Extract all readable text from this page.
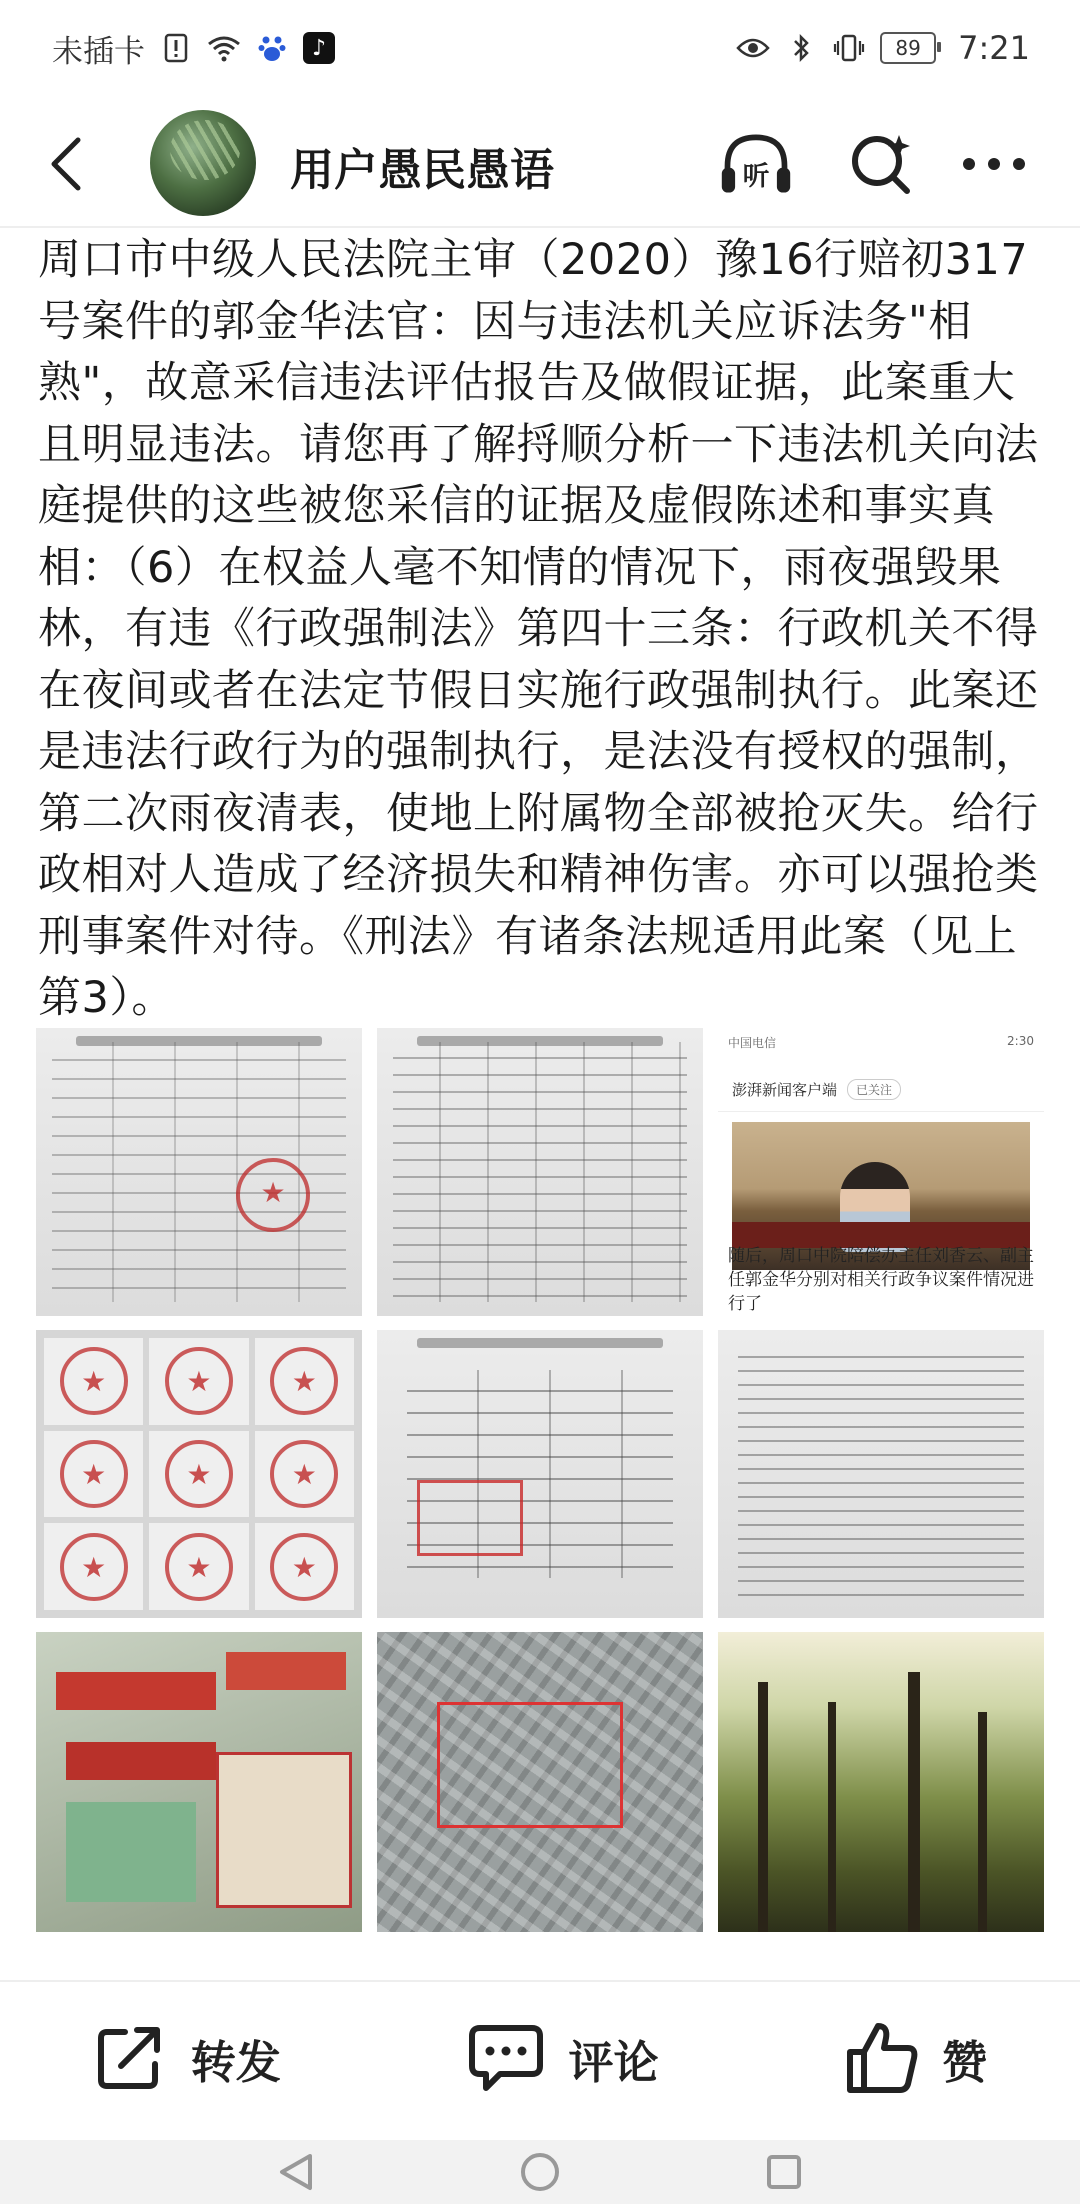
未插卡	♪	89	7:21
用户愚民愚语	听
周口市中级人民法院主审（2020）豫16行赔初317号案件的郭金华法官：因与违法机关应诉法务"相熟"，故意采信违法评估报告及做假证据，此案重大且明显违法。请您再了解捋顺分析一下违法机关向法庭提供的这些被您采信的证据及虚假陈述和事实真相：（6）在权益人毫不知情的情况下，雨夜强毁果林，有违《行政强制法》第四十三条：行政机关不得在夜间或者在法定节假日实施行政强制执行。此案还是违法行政行为的强制执行，是法没有授权的强制，第二次雨夜清表，使地上附属物全部被抢灭失。给行政相对人造成了经济损失和精神伤害。亦可以强抢类刑事案件对待。《刑法》有诸条法规适用此案（见上第3）。
★
中国电信	2:30
澎湃新闻客户端	已关注
随后，周口中院陪偿办主任刘香云、副主任郭金华分别对相关行政争议案件情况进行了
★
★
★
★
★
★
★
★
★
转发	评论	赞
